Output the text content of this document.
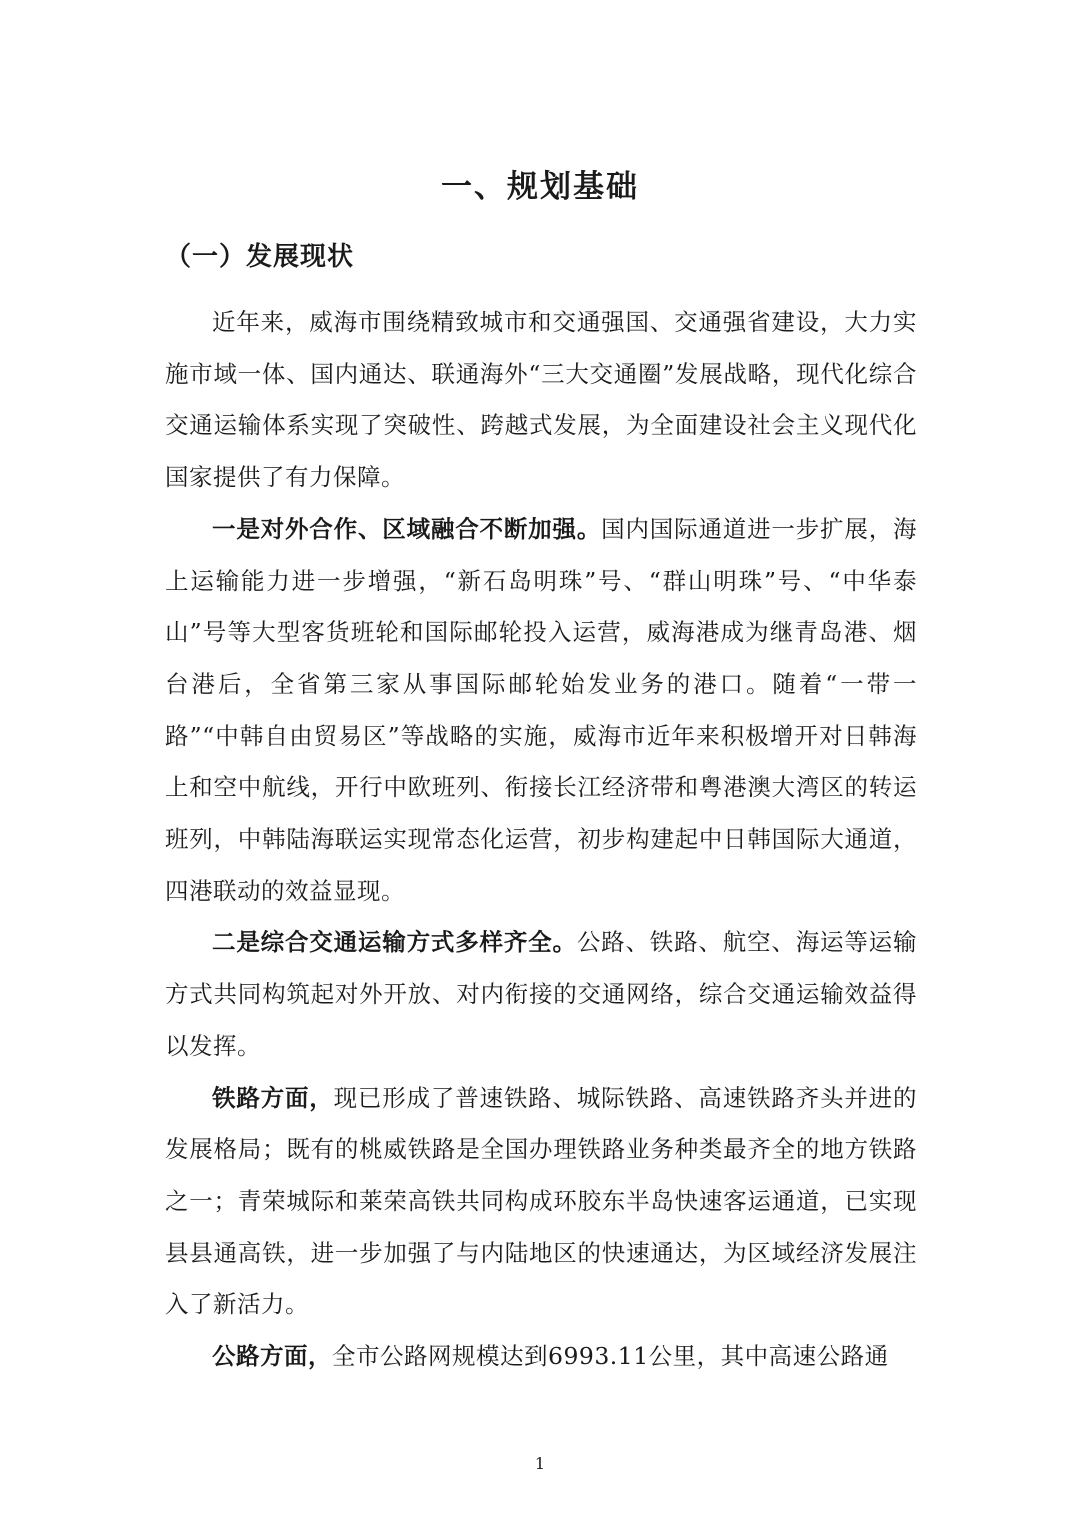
一、规划基础
（一）发展现状

近年来，威海市围绕精致城市和交通强国、交通强省建设，大力实施市域一体、国内通达、联通海外“三大交通圈”发展战略，现代化综合交通运输体系实现了突破性、跨越式发展，为全面建设社会主义现代化国家提供了有力保障。

一是对外合作、区域融合不断加强。国内国际通道进一步扩展，海上运输能力进一步增强，“新石岛明珠”号、“群山明珠”号、“中华泰山”号等大型客货班轮和国际邮轮投入运营，威海港成为继青岛港、烟台港后，全省第三家从事国际邮轮始发业务的港口。随着“一带一路”“中韩自由贸易区”等战略的实施，威海市近年来积极增开对日韩海上和空中航线，开行中欧班列、衔接长江经济带和粤港澳大湾区的转运班列，中韩陆海联运实现常态化运营，初步构建起中日韩国际大通道，四港联动的效益显现。

二是综合交通运输方式多样齐全。公路、铁路、航空、海运等运输方式共同构筑起对外开放、对内衔接的交通网络，综合交通运输效益得以发挥。

铁路方面，现已形成了普速铁路、城际铁路、高速铁路齐头并进的发展格局；既有的桃威铁路是全国办理铁路业务种类最齐全的地方铁路之一；青荣城际和莱荣高铁共同构成环胶东半岛快速客运通道，已实现县县通高铁，进一步加强了与内陆地区的快速通达，为区域经济发展注入了新活力。

公路方面，全市公路网规模达到6993.11公里，其中高速公路通

1
